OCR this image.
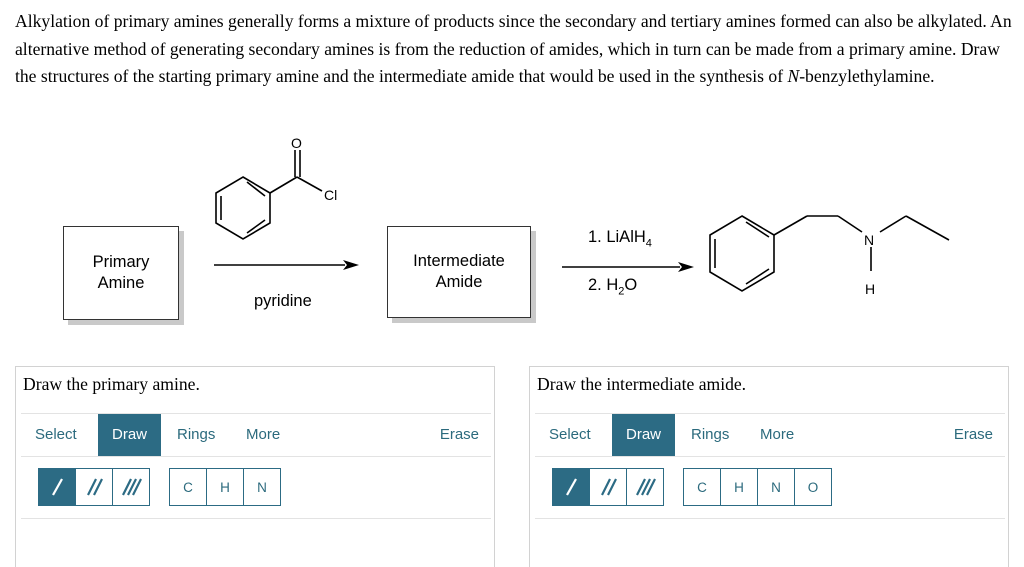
Alkylation of primary amines generally forms a mixture of products since the secondary and tertiary amines formed can also be alkylated. An alternative method of generating secondary amines is from the reduction of amides, which in turn can be made from a primary amine. Draw the structures of the starting primary amine and the intermediate amide that would be used in the synthesis of N-benzylethylamine.
Primary
Amine
Intermediate
Amide
O
Cl
N
H
pyridine
1. LiAlH$_4$
2. $H_2O$
Draw the primary amine.
Select	Draw	Rings	More	Erase
C	H	N
Draw the intermediate amide.
Select	Draw	Rings	More	Erase
C	H	N	O
